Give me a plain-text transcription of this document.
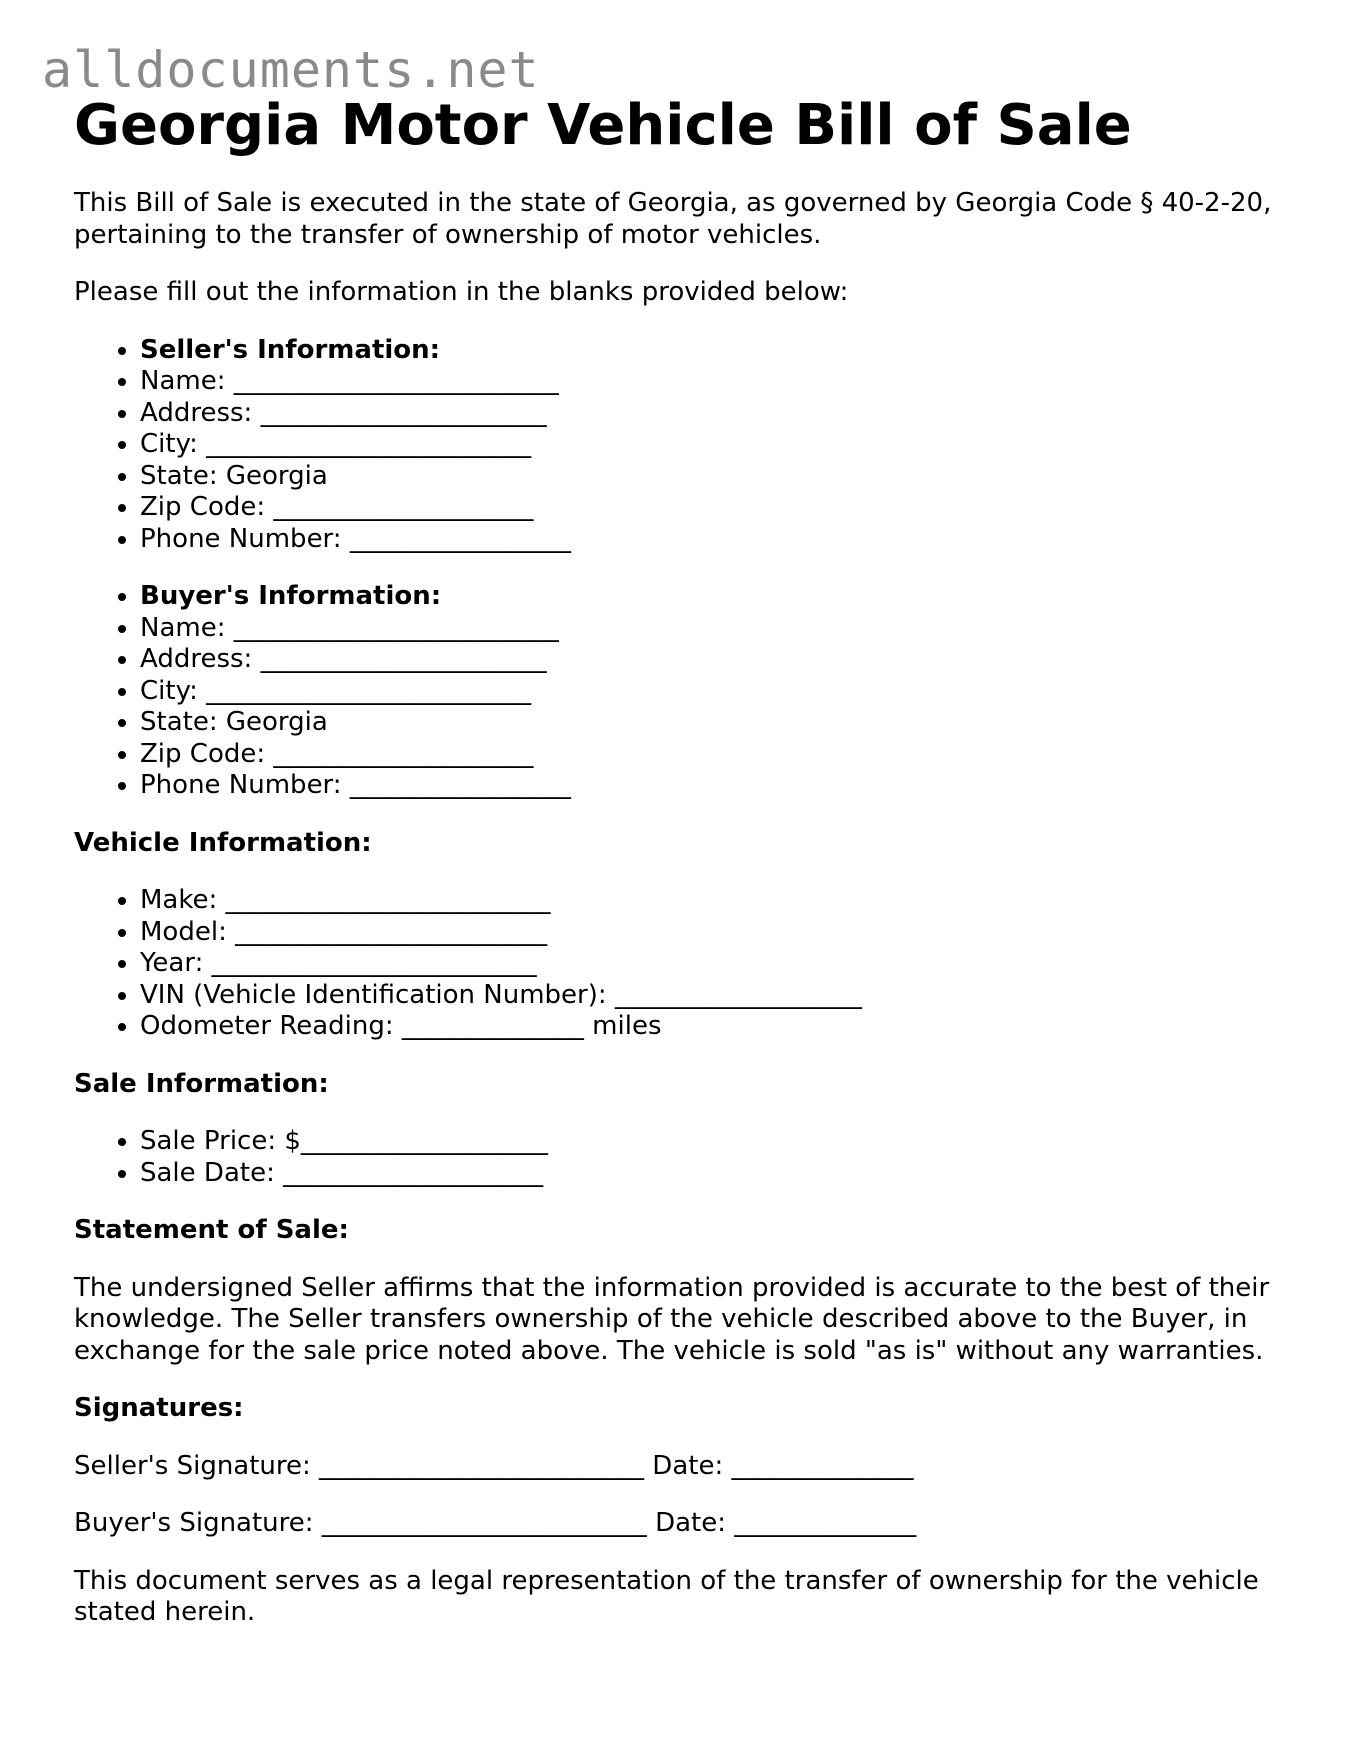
alldocuments.net
Georgia Motor Vehicle Bill of Sale

This Bill of Sale is executed in the state of Georgia, as governed by Georgia Code § 40-2-20, pertaining to the transfer of ownership of motor vehicles.

Please fill out the information in the blanks provided below:

• Seller's Information:
• Name: _________________________
• Address: ______________________
• City: _________________________
• State: Georgia
• Zip Code: ____________________
• Phone Number: _________________
• Buyer's Information:
• Name: _________________________
• Address: ______________________
• City: _________________________
• State: Georgia
• Zip Code: ____________________
• Phone Number: _________________

Vehicle Information:

• Make: _________________________
• Model: ________________________
• Year: _________________________
• VIN (Vehicle Identification Number): ___________________
• Odometer Reading: ______________ miles

Sale Information:

• Sale Price: $___________________
• Sale Date: ____________________

Statement of Sale:

The undersigned Seller affirms that the information provided is accurate to the best of their knowledge. The Seller transfers ownership of the vehicle described above to the Buyer, in exchange for the sale price noted above. The vehicle is sold "as is" without any warranties.

Signatures:

Seller's Signature: _________________________ Date: ______________

Buyer's Signature: _________________________ Date: ______________

This document serves as a legal representation of the transfer of ownership for the vehicle stated herein.
